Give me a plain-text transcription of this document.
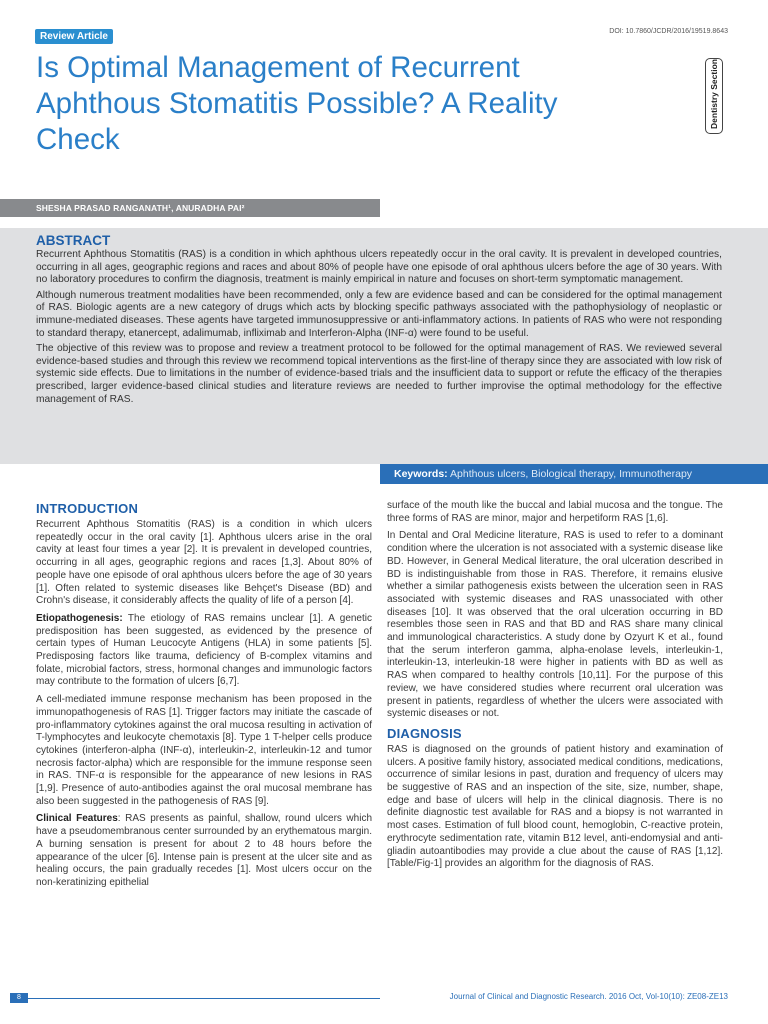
Review Article	DOI: 10.7860/JCDR/2016/19519.8643
Is Optimal Management of Recurrent Aphthous Stomatitis Possible? A Reality Check
Dentistry Section
SHESHA PRASAD RANGANATH¹, ANURADHA PAI²
ABSTRACT

Recurrent Aphthous Stomatitis (RAS) is a condition in which aphthous ulcers repeatedly occur in the oral cavity. It is prevalent in developed countries, occurring in all ages, geographic regions and races and about 80% of people have one episode of oral aphthous ulcers before the age of 30 years. With no laboratory procedures to confirm the diagnosis, treatment is mainly empirical in nature and focuses on short-term symptomatic management.

Although numerous treatment modalities have been recommended, only a few are evidence based and can be considered for the optimal management of RAS. Biologic agents are a new category of drugs which acts by blocking specific pathways associated with the pathophysiology of neoplastic or immune-mediated diseases. These agents have targeted immunosuppressive or anti-inflammatory actions. In patients of RAS who were not responding to standard therapy, etanercept, adalimumab, infliximab and Interferon-Alpha (INF-α) were found to be useful.

The objective of this review was to propose and review a treatment protocol to be followed for the optimal management of RAS. We reviewed several evidence-based studies and through this review we recommend topical interventions as the first-line of therapy since they are associated with low risk of systemic side effects. Due to limitations in the number of evidence-based trials and the insufficient data to support or refute the efficacy of the therapies prescribed, larger evidence-based clinical studies and literature reviews are needed to further improvise the optimal methodology for the effective management of RAS.

Keywords: Aphthous ulcers, Biological therapy, Immunotherapy
INTRODUCTION

Recurrent Aphthous Stomatitis (RAS) is a condition in which ulcers repeatedly occur in the oral cavity [1]. Aphthous ulcers arise in the oral cavity at least four times a year [2]. It is prevalent in developed countries, occurring in all ages, geographic regions and races [1,3]. About 80% of people have one episode of oral aphthous ulcers before the age of 30 years [1]. Often related to systemic diseases like Behçet's Disease (BD) and Crohn's disease, it considerably affects the quality of life of a person [4].

Etiopathogenesis: The etiology of RAS remains unclear [1]. A genetic predisposition has been suggested, as evidenced by the presence of certain types of Human Leucocyte Antigens (HLA) in some patients [5]. Predisposing factors like trauma, deficiency of B-complex vitamins and folate, microbial factors, stress, hormonal changes and immunologic factors may contribute to the formation of ulcers [6,7].

A cell-mediated immune response mechanism has been proposed in the immunopathogenesis of RAS [1]. Trigger factors may initiate the cascade of pro-inflammatory cytokines against the oral mucosa resulting in activation of T-lymphocytes and leukocyte chemotaxis [8]. Type 1 T-helper cells produce cytokines (interferon-alpha (INF-α), interleukin-2, interleukin-12 and tumor necrosis factor-alpha) which are responsible for the immune response seen in RAS. TNF-α is responsible for the appearance of new lesions in RAS [1,9]. Presence of auto-antibodies against the oral mucosal membrane has also been suggested in the pathogenesis of RAS [9].

Clinical Features: RAS presents as painful, shallow, round ulcers which have a pseudomembranous center surrounded by an erythematous margin. A burning sensation is present for about 2 to 48 hours before the appearance of the ulcer [6]. Intense pain is present at the ulcer site and as healing occurs, the pain gradually recedes [1]. Most ulcers occur on the non-keratinizing epithelial

surface of the mouth like the buccal and labial mucosa and the tongue. The three forms of RAS are minor, major and herpetiform RAS [1,6].

In Dental and Oral Medicine literature, RAS is used to refer to a dominant condition where the ulceration is not associated with a systemic disease like BD. However, in General Medical literature, the oral ulceration described in BD is indistinguishable from those in RAS. Therefore, it remains elusive whether a similar pathogenesis exists between the ulceration seen in RAS associated with systemic diseases and RAS unassociated with other diseases [10]. It was observed that the oral ulceration occurring in BD resembles those seen in RAS and that BD and RAS share many clinical and immunological characteristics. A study done by Ozyurt K et al., found that the serum interferon gamma, alpha-enolase levels, interleukin-1, interleukin-13, interleukin-18 were higher in patients with BD as well as RAS when compared to healthy controls [10,11]. For the purpose of this review, we have considered studies where recurrent oral ulceration was present in patients, regardless of whether the ulcers were associated with systemic diseases or not.

DIAGNOSIS

RAS is diagnosed on the grounds of patient history and examination of ulcers. A positive family history, associated medical conditions, medications, occurrence of similar lesions in past, duration and frequency of ulcers may be suggestive of RAS and an inspection of the site, size, number, shape, edge and base of ulcers will help in the clinical diagnosis. There is no definite diagnostic test available for RAS and a biopsy is not warranted in most cases. Estimation of full blood count, hemoglobin, C-reactive protein, erythrocyte sedimentation rate, vitamin B12 level, anti-endomysial and anti-gliadin autoantibodies may provide a clue about the cause of RAS [1,12]. [Table/Fig-1] provides an algorithm for the diagnosis of RAS.

8	Journal of Clinical and Diagnostic Research. 2016 Oct, Vol-10(10): ZE08-ZE13
